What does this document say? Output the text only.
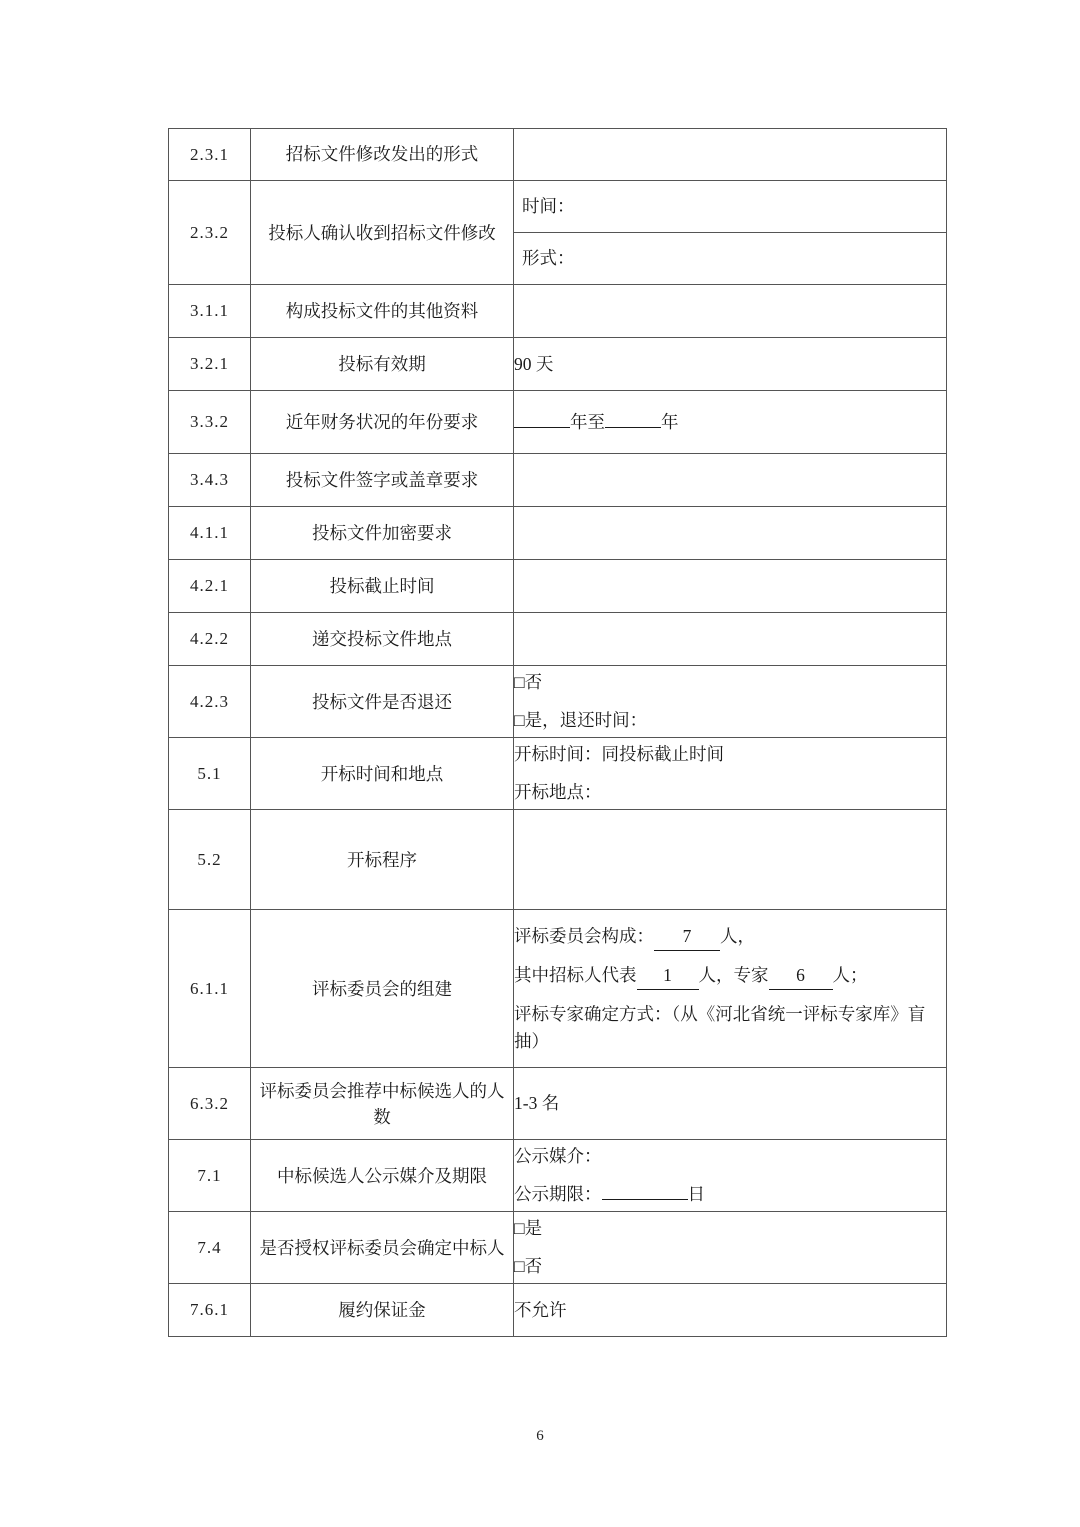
2.3.1	招标文件修改发出的形式	
2.3.2	投标人确认收到招标文件修改	
时间：
形式：

3.1.1	构成投标文件的其他资料	
3.2.1	投标有效期	90 天
3.3.2	近年财务状况的年份要求	年至	年
3.4.3	投标文件签字或盖章要求	
4.1.1	投标文件加密要求	
4.2.1	投标截止时间	
4.2.2	递交投标文件地点	
4.2.3	投标文件是否退还	
□否
□是，退还时间：

5.1	开标时间和地点	
开标时间：同投标截止时间
开标地点：

5.2	开标程序	
6.1.1	评标委员会的组建	
评标委员会构成： 7 人，
其中招标人代表 1 人，专家 6 人；
评标专家确定方式：（从《河北省统一评标专家库》盲抽）

6.3.2	评标委员会推荐中标候选人的人数	1-3 名
7.1	中标候选人公示媒介及期限	
公示媒介：
公示期限：	日

7.4	是否授权评标委员会确定中标人	
□是
□否

7.6.1	履约保证金	不允许
6
